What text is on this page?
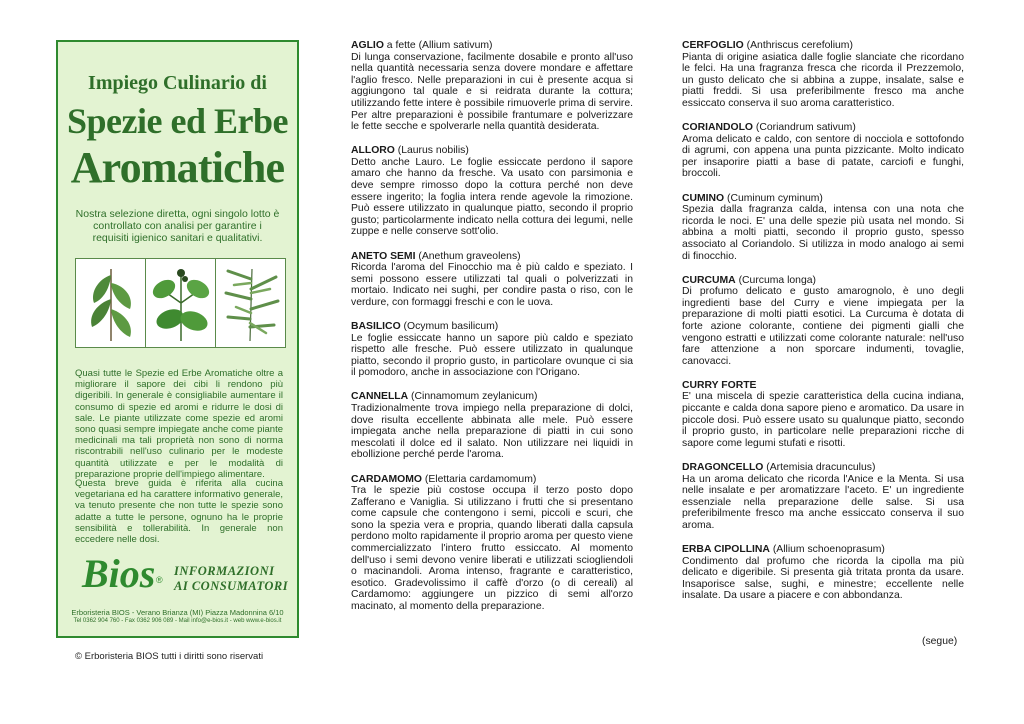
Impiego Culinario di
Spezie ed Erbe
Aromatiche
Nostra selezione diretta, ogni singolo lotto è controllato con analisi per garantire i requisiti igienico sanitari e qualitativi.

Quasi tutte le Spezie ed Erbe Aromatiche oltre a migliorare il sapore dei cibi li rendono più digeribili. In generale è consigliabile aumentare il consumo di spezie ed aromi e ridurre le dosi di sale. Le piante utilizzate come spezie ed aromi sono quasi sempre impiegate anche come piante medicinali ma tali proprietà non sono di norma riscontrabili nell'uso culinario per le modeste quantità utilizzate e per le modalità di preparazione proprie dell'impiego alimentare.

Questa breve guida è riferita alla cucina vegetariana ed ha carattere informativo generale, va tenuto presente che non tutte le spezie sono adatte a tutte le persone, ognuno ha le proprie sensibilità e tollerabilità. In generale non eccedere nelle dosi.

Bios ®
INFORMAZIONI
AI CONSUMATORI
Erboristeria BIOS - Verano Brianza (MI) Piazza Madonnina 6/10
Tel 0362 904 760 - Fax 0362 906 089 - Mail info@e-bios.it - web www.e-bios.it
© Erboristeria BIOS tutti i diritti sono riservati

AGLIO a fette (Allium sativum)
Di lunga conservazione, facilmente dosabile e pronto all'uso nella quantità necessaria senza dovere mondare e affettare l'aglio fresco. Nelle preparazioni in cui è presente acqua si aggiungono tal quale e si reidrata durante la cottura; utilizzando fette intere è possibile rimuoverle prima di servire. Per altre preparazioni è possibile frantumare e polverizzare le fette secche e spolverarle nella quantità desiderata.

ALLORO (Laurus nobilis)
Detto anche Lauro. Le foglie essiccate perdono il sapore amaro che hanno da fresche. Va usato con parsimonia e deve sempre rimosso dopo la cottura perché non deve essere ingerito; la foglia intera rende agevole la rimozione. Può essere utilizzato in qualunque piatto, secondo il proprio gusto; particolarmente indicato nella cottura dei legumi, nelle zuppe e nelle conserve sott'olio.

ANETO SEMI (Anethum graveolens)
Ricorda l'aroma del Finocchio ma è più caldo e speziato. I semi possono essere utilizzati tal quali o polverizzati in mortaio. Indicato nei sughi, per condire pasta o riso, con le verdure, con formaggi freschi e con le uova.

BASILICO (Ocymum basilicum)
Le foglie essiccate hanno un sapore più caldo e speziato rispetto alle fresche. Può essere utilizzato in qualunque piatto, secondo il proprio gusto, in particolare ovunque ci sia il pomodoro, anche in associazione con l'Origano.

CANNELLA (Cinnamomum zeylanicum)
Tradizionalmente trova impiego nella preparazione di dolci, dove risulta eccellente abbinata alle mele. Può essere impiegata anche nella preparazione di piatti in cui sono mescolati il dolce ed il salato. Non utilizzare nei liquidi in ebollizione perché perde l'aroma.

CARDAMOMO (Elettaria cardamomum)
Tra le spezie più costose occupa il terzo posto dopo Zafferano e Vaniglia. Si utilizzano i frutti che si presentano come capsule che contengono i semi, piccoli e scuri, che sono la spezia vera e propria, quando liberati dalla capsula perdono molto rapidamente il proprio aroma per questo viene commercializzato l'intero frutto essiccato. Al momento dell'uso i semi devono venire liberati e utilizzati sciogliendoli o macinandoli. Aroma intenso, fragrante e caratteristico, esotico. Gradevolissimo il caffè d'orzo (o di cereali) al Cardamomo: aggiungere un pizzico di semi all'orzo macinato, al momento della preparazione.

CERFOGLIO (Anthriscus cerefolium)
Pianta di origine asiatica dalle foglie slanciate che ricordano le felci. Ha una fragranza fresca che ricorda il Prezzemolo, un gusto delicato che si abbina a zuppe, insalate, salse e piatti freddi. Si usa preferibilmente fresco ma anche essiccato conserva il suo aroma caratteristico.

CORIANDOLO (Coriandrum sativum)
Aroma delicato e caldo, con sentore di nocciola e sottofondo di agrumi, con appena una punta pizzicante. Molto indicato per insaporire piatti a base di patate, carciofi e funghi, broccoli.

CUMINO (Cuminum cyminum)
Spezia dalla fragranza calda, intensa con una nota che ricorda le noci. E' una delle spezie più usata nel mondo. Si abbina a molti piatti, secondo il proprio gusto, spesso associato al Coriandolo. Si utilizza in modo analogo ai semi di finocchio.

CURCUMA (Curcuma longa)
Di profumo delicato e gusto amarognolo, è uno degli ingredienti base del Curry e viene impiegata per la preparazione di molti piatti esotici. La Curcuma è dotata di forte azione colorante, contiene dei pigmenti gialli che vengono estratti e utilizzati come colorante naturale: nell'uso fare attenzione a non sporcare indumenti, tovaglie, canovacci.

CURRY FORTE
E' una miscela di spezie caratteristica della cucina indiana, piccante e calda dona sapore pieno e aromatico. Da usare in piccole dosi. Può essere usato su qualunque piatto, secondo il proprio gusto, in particolare nelle preparazioni ricche di sapore come legumi stufati e risotti.

DRAGONCELLO (Artemisia dracunculus)
Ha un aroma delicato che ricorda l'Anice e la Menta. Si usa nelle insalate e per aromatizzare l'aceto. E' un ingrediente essenziale nella preparazione delle salse. Si usa preferibilmente fresco ma anche essiccato conserva il suo aroma.

ERBA CIPOLLINA (Allium schoenoprasum)
Condimento dal profumo che ricorda la cipolla ma più delicato e digeribile. Si presenta già tritata pronta da usare. Insaporisce salse, sughi, e minestre; eccellente nelle insalate. Da usare a piacere e con abbondanza.

(segue)
